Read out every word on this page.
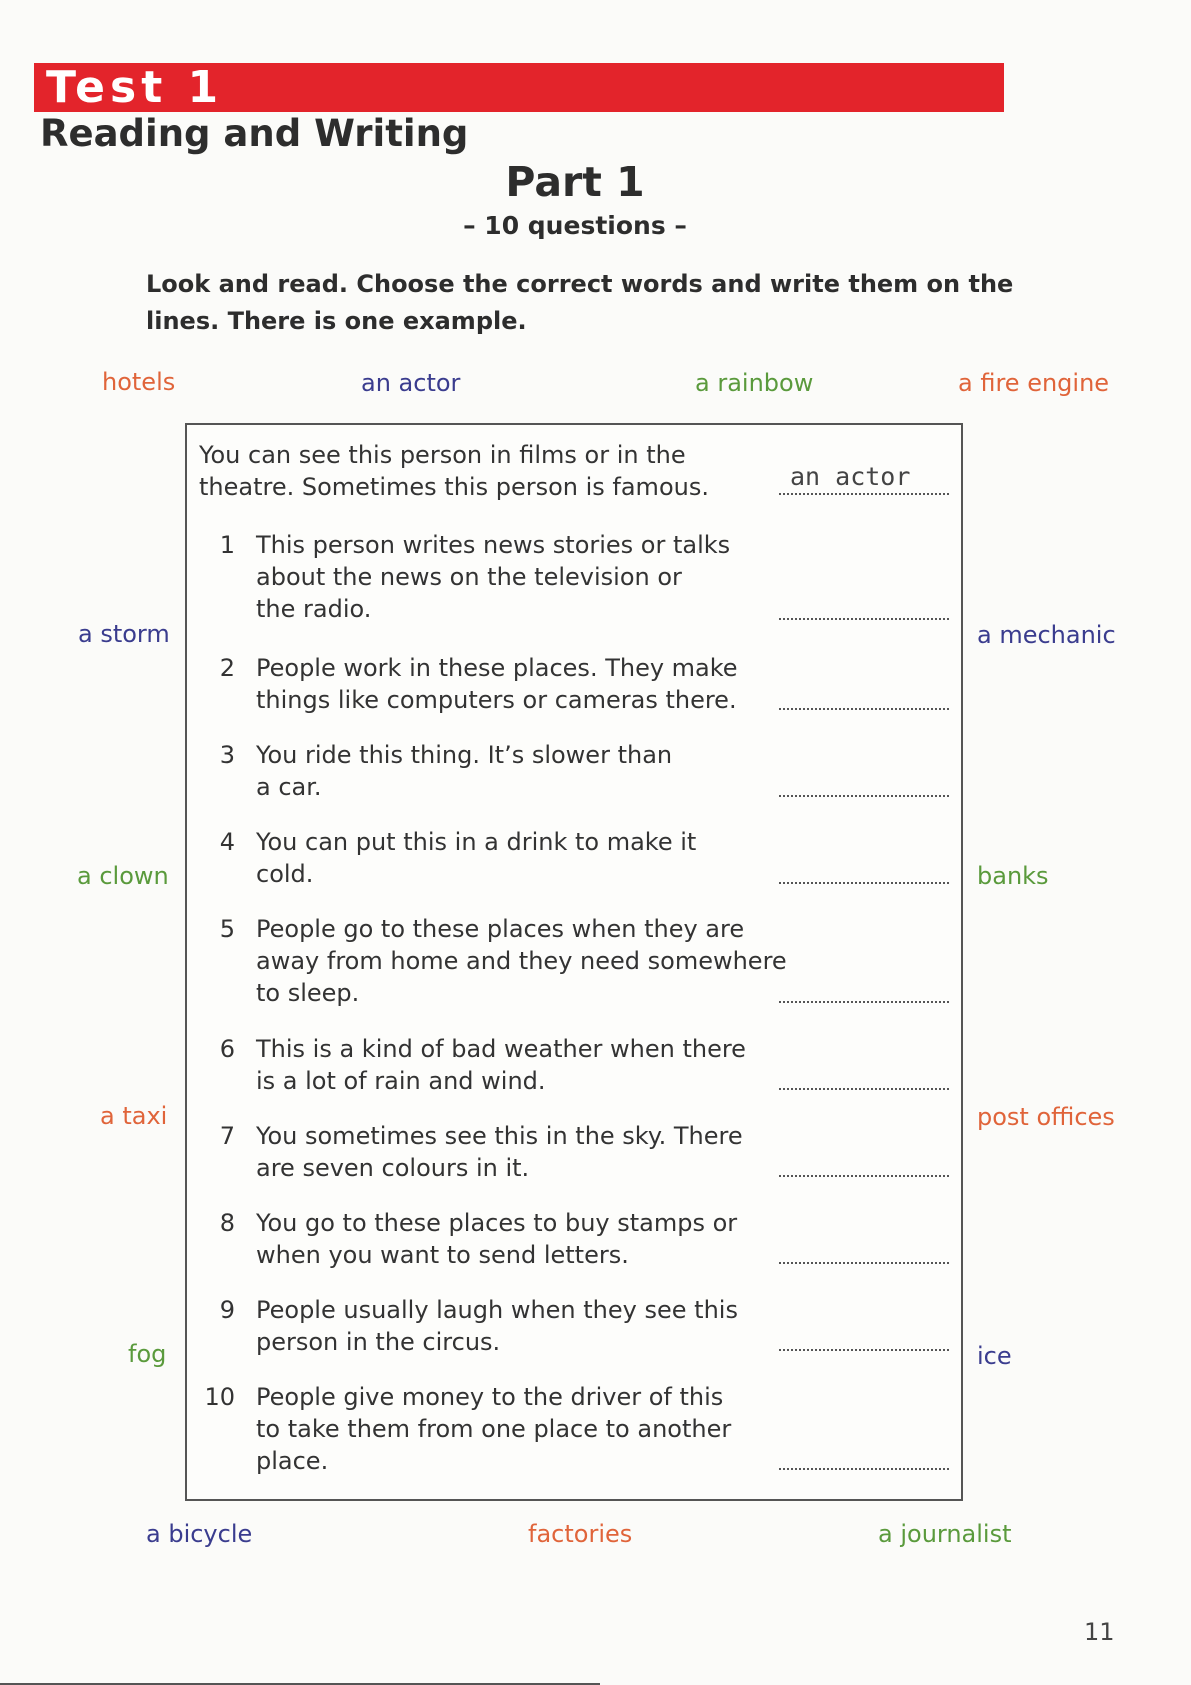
Test 1
Reading and Writing
Part 1
– 10 questions –
Look and read. Choose the correct words and write them on the lines. There is one example.
hotels	an actor	a rainbow	a fire engine
a storm	a mechanic
a clown	banks
a taxi	post offices
fog	ice
a bicycle	factories	a journalist
You can see this person in films or in the
theatre. Sometimes this person is famous.	an actor
1 This person writes news stories or talks
about the news on the television or
the radio.
2 People work in these places. They make
things like computers or cameras there.
3 You ride this thing. It’s slower than
a car.
4 You can put this in a drink to make it
cold.
5 People go to these places when they are
away from home and they need somewhere
to sleep.
6 This is a kind of bad weather when there
is a lot of rain and wind.
7 You sometimes see this in the sky. There
are seven colours in it.
8 You go to these places to buy stamps or
when you want to send letters.
9 People usually laugh when they see this
person in the circus.
10 People give money to the driver of this
to take them from one place to another
place.
11
